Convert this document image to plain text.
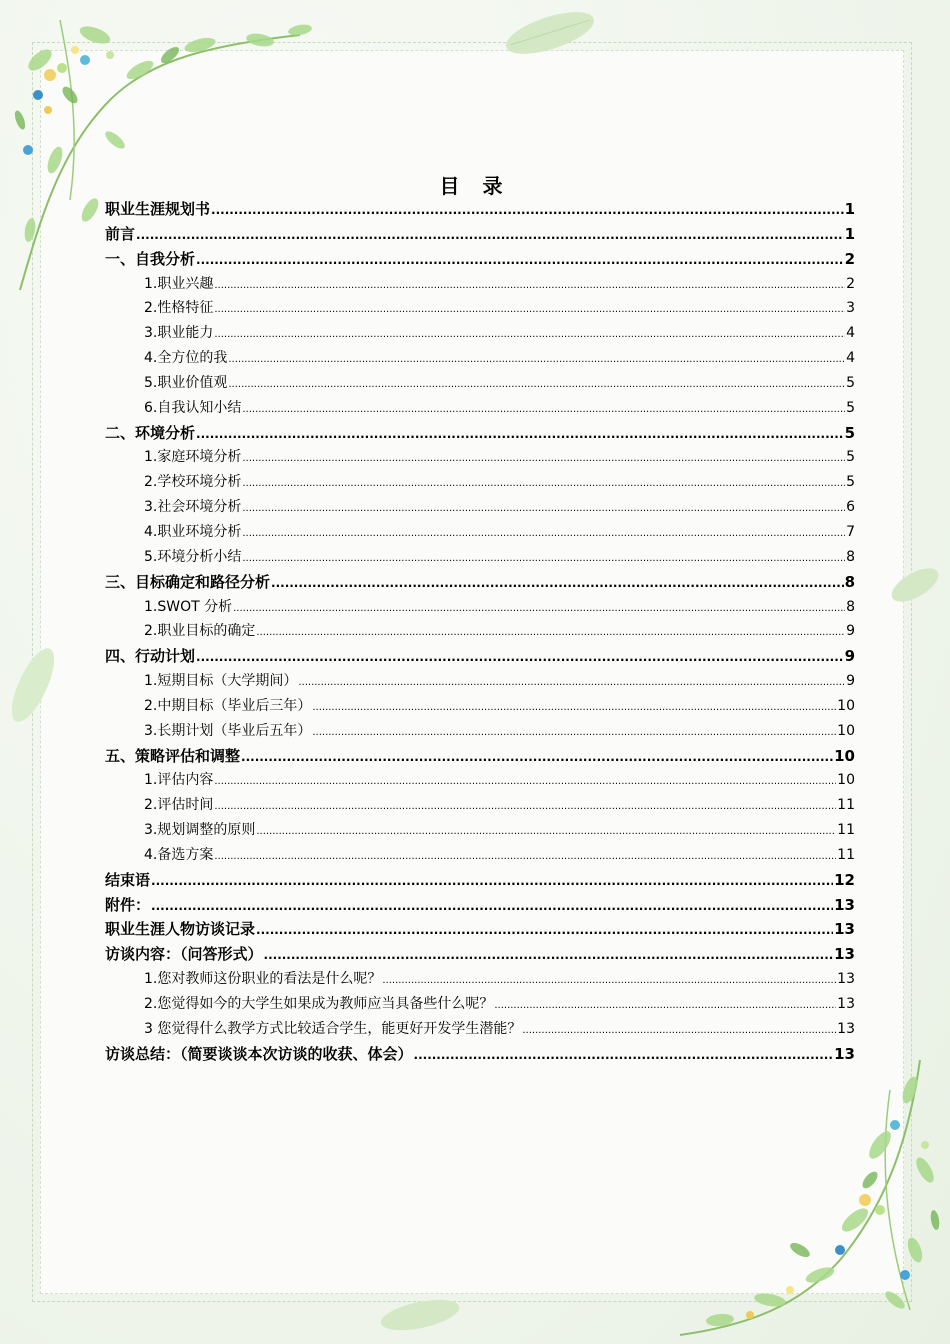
目 录
职业生涯规划书 .....	1
前言 .....	1
一、自我分析 .....	2
1.职业兴趣 .....	2
2.性格特征 .....	3
3.职业能力 .....	4
4.全方位的我 .....	4
5.职业价值观 .....	5
6.自我认知小结 .....	5
二、环境分析 .....	5
1.家庭环境分析 .....	5
2.学校环境分析 .....	5
3.社会环境分析 .....	6
4.职业环境分析 .....	7
5.环境分析小结 .....	8
三、目标确定和路径分析 .....	8
1.SWOT 分析 .....	8
2.职业目标的确定 .....	9
四、行动计划 .....	9
1.短期目标（大学期间） .....	9
2.中期目标（毕业后三年） .....	10
3.长期计划（毕业后五年） .....	10
五、策略评估和调整 .....	10
1.评估内容 .....	10
2.评估时间 .....	11
3.规划调整的原则 .....	11
4.备选方案 .....	11
结束语 .....	12
附件： .....	13
职业生涯人物访谈记录 .....	13
访谈内容：（问答形式） .....	13
1.您对教师这份职业的看法是什么呢？ .....	13
2.您觉得如今的大学生如果成为教师应当具备些什么呢？ .....	13
3 您觉得什么教学方式比较适合学生，能更好开发学生潜能？ .....	13
访谈总结：（简要谈谈本次访谈的收获、体会） .....	13
